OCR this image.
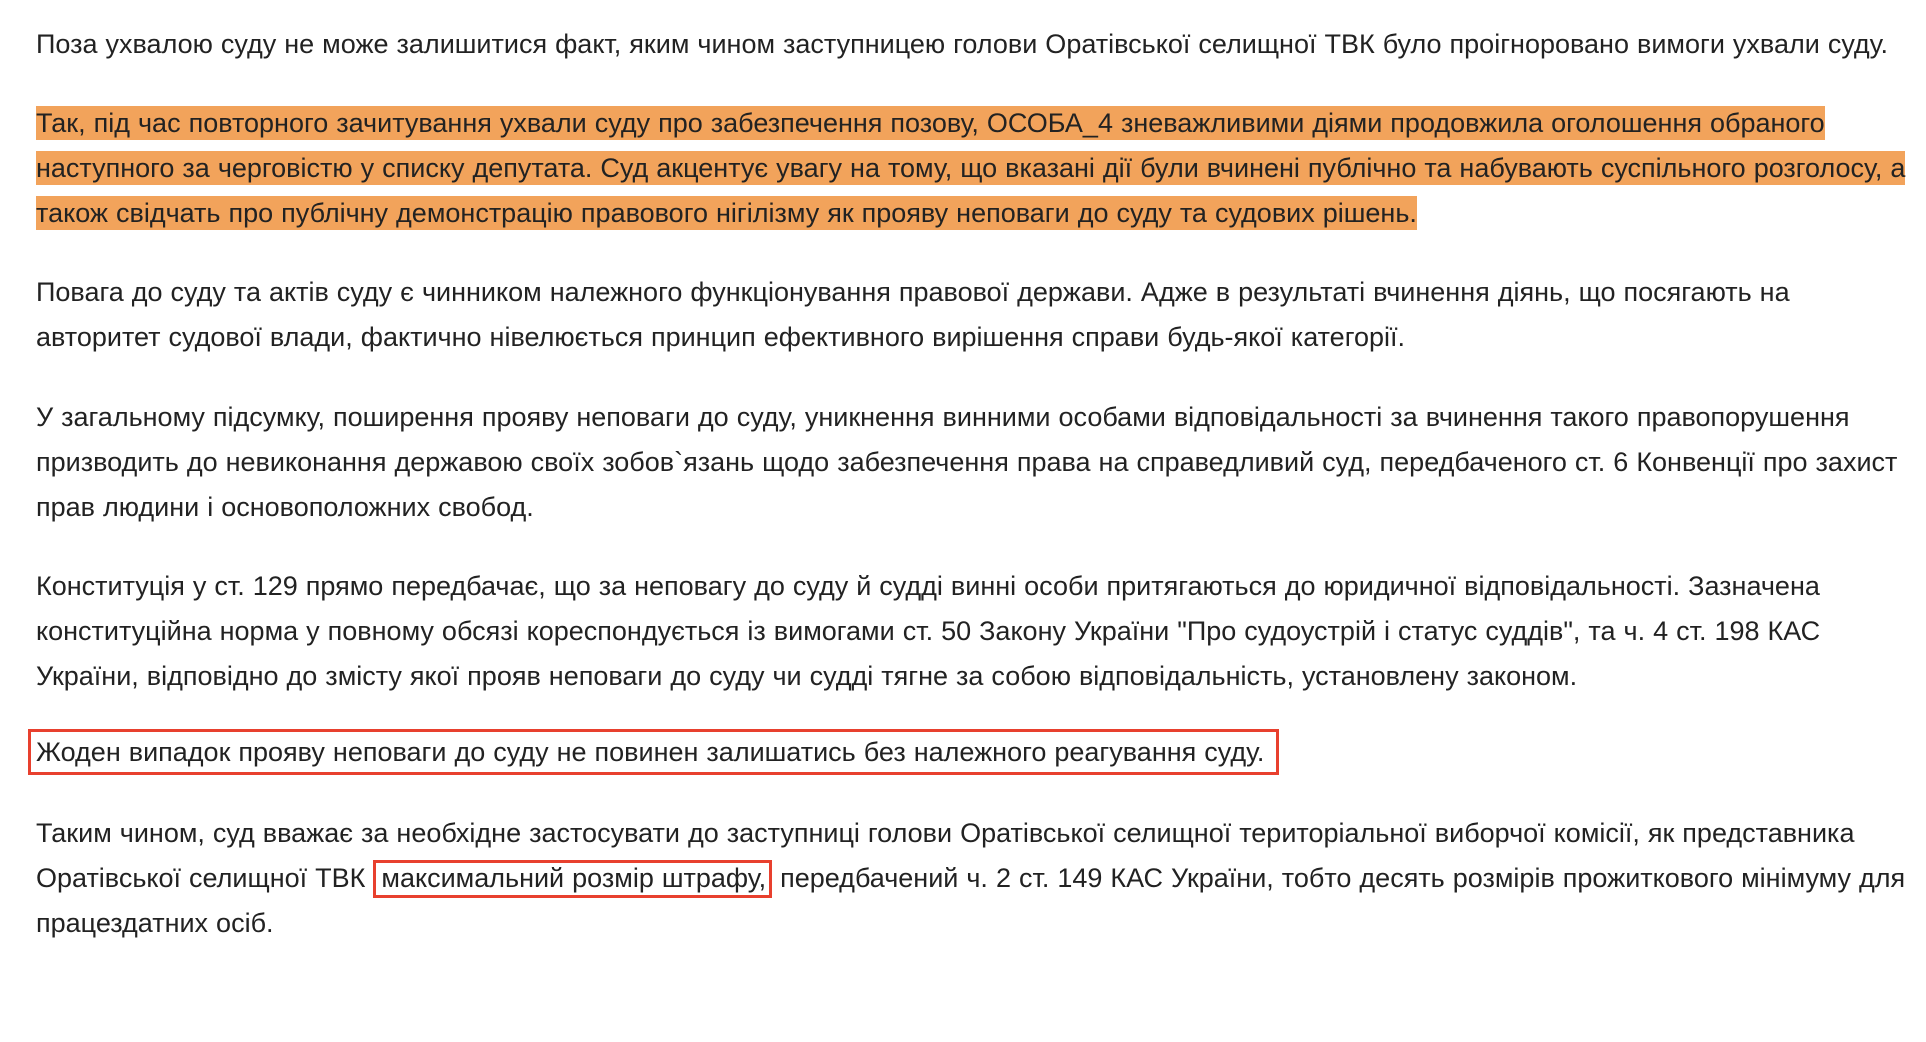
Поза ухвалою суду не може залишитися факт, яким чином заступницею голови Оратівської селищної ТВК було проігноровано вимоги ухвали суду.

Так, під час повторного зачитування ухвали суду про забезпечення позову, ОСОБА_4 зневажливими діями продовжила оголошення обраного наступного за черговістю у списку депутата. Суд акцентує увагу на тому, що вказані дії були вчинені публічно та набувають суспільного розголосу, а також свідчать про публічну демонстрацію правового нігілізму як прояву неповаги до суду та судових рішень.

Повага до суду та актів суду є чинником належного функціонування правової держави. Адже в результаті вчинення діянь, що посягають на авторитет судової влади, фактично нівелюється принцип ефективного вирішення справи будь-якої категорії.

У загальному підсумку, поширення прояву неповаги до суду, уникнення винними особами відповідальності за вчинення такого правопорушення призводить до невиконання державою своїх зобов`язань щодо забезпечення права на справедливий суд, передбаченого ст. 6 Конвенції про захист прав людини і основоположних свобод.

Конституція у ст. 129 прямо передбачає, що за неповагу до суду й судді винні особи притягаються до юридичної відповідальності. Зазначена конституційна норма у повному обсязі кореспондується із вимогами ст. 50 Закону України "Про судоустрій і статус суддів", та ч. 4 ст. 198 КАС України, відповідно до змісту якої прояв неповаги до суду чи судді тягне за собою відповідальність, установлену законом.

Жоден випадок прояву неповаги до суду не повинен залишатись без належного реагування суду.

Таким чином, суд вважає за необхідне застосувати до заступниці голови Оратівської селищної територіальної виборчої комісії, як представника Оратівської селищної ТВК максимальний розмір штрафу, передбачений ч. 2 ст. 149 КАС України, тобто десять розмірів прожиткового мінімуму для працездатних осіб.
